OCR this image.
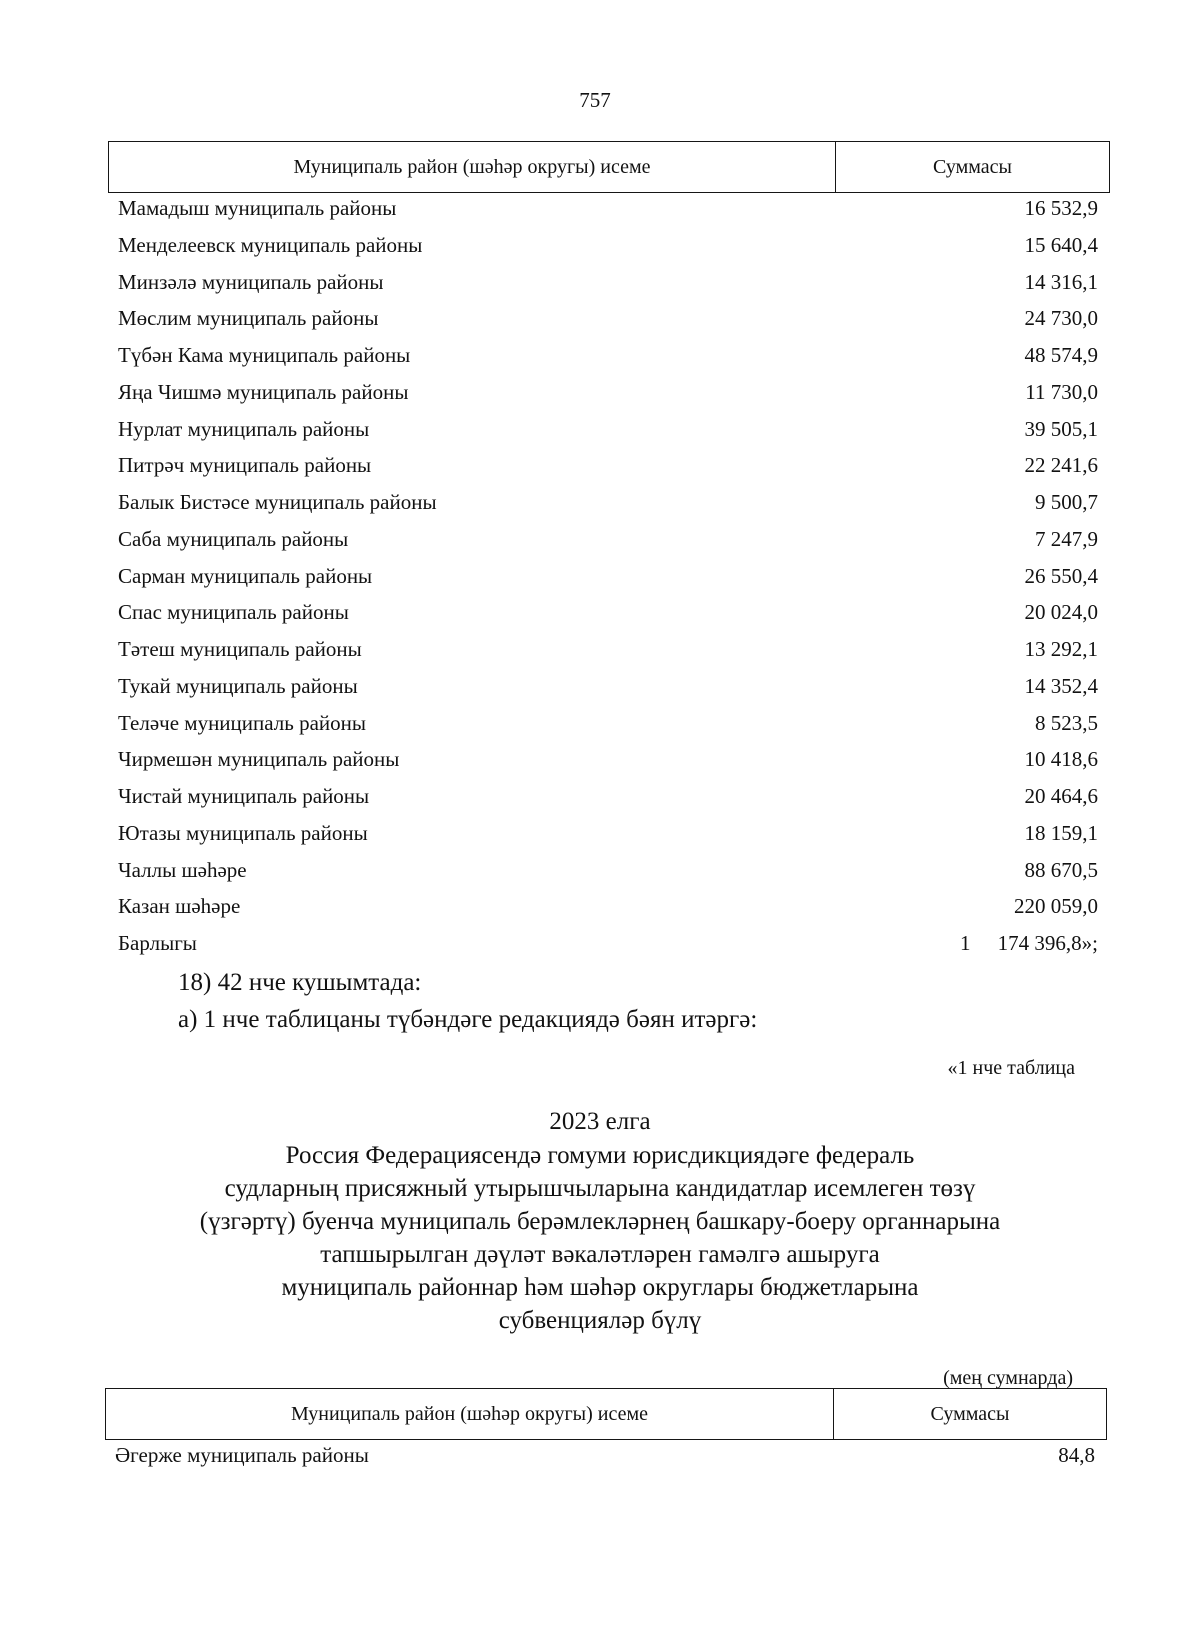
757
Муниципаль район (шәһәр округы) исеме	Суммасы
Мамадыш муниципаль районы	16 532,9
Менделеевск муниципаль районы	15 640,4
Минзәлә муниципаль районы	14 316,1
Мөслим муниципаль районы	24 730,0
Түбән Кама муниципаль районы	48 574,9
Яңа Чишмә муниципаль районы	11 730,0
Нурлат муниципаль районы	39 505,1
Питрәч муниципаль районы	22 241,6
Балык Бистәсе муниципаль районы	9 500,7
Саба муниципаль районы	7 247,9
Сарман муниципаль районы	26 550,4
Спас муниципаль районы	20 024,0
Тәтеш муниципаль районы	13 292,1
Тукай муниципаль районы	14 352,4
Теләче муниципаль районы	8 523,5
Чирмешән муниципаль районы	10 418,6
Чистай муниципаль районы	20 464,6
Ютазы муниципаль районы	18 159,1
Чаллы шәһәре	88 670,5
Казан шәһәре	220 059,0
Барлыгы	1 174 396,8»;
18) 42 нче кушымтада:
а) 1 нче таблицаны түбәндәге редакциядә бәян итәргә:
«1 нче таблица
2023 елга
Россия Федерациясендә гомуми юрисдикциядәге федераль
судларның присяжный утырышчыларына кандидатлар исемлеген төзү
(үзгәртү) буенча муниципаль берәмлекләрнең башкару-боеру органнарына
тапшырылган дәүләт вәкаләтләрен гамәлгә ашыруга
муниципаль районнар һәм шәһәр округлары бюджетларына
субвенцияләр бүлү
(мең сумнарда)
Муниципаль район (шәһәр округы) исеме	Суммасы
Әгерже муниципаль районы	84,8
